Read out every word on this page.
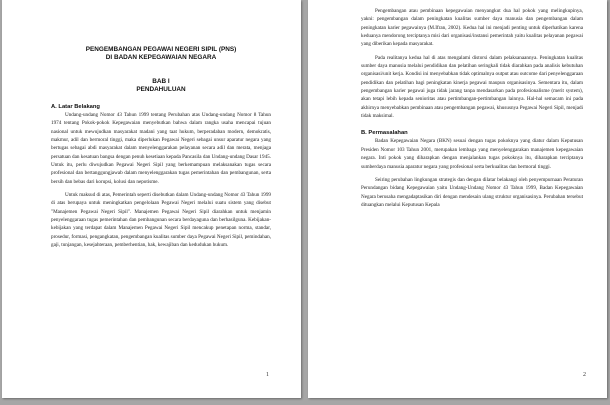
PENGEMBANGAN PEGAWAI NEGERI SIPIL (PNS)
DI BADAN KEPEGAWAIAN NEGARA
BAB I
PENDAHULUAN
A. Latar Belakang

Undang-undang Nomor 43 Tahun 1999 tentang Perubahan atas Undang-undang Nomor 8 Tahun 1974 tentang Pokok-pokok Kepegawaian menyebutkan bahwa dalam rangka usaha mencapai tujuan nasional untuk mewujudkan masyarakat madani yang taat hukum, berperadaban modern, demokratis, makmur, adil dan bermoral tinggi, maka diperlukan Pegawai Negeri sebagai unsur aparatur negara yang bertugas sebagai abdi masyarakat dalam menyelenggarakan pelayanan secara adil dan merata, menjaga persatuan dan kesatuan bangsa dengan penuh kesetiaan kepada Pancasila dan Undang-undang Dasar 1945. Untuk itu, perlu diwujudkan Pegawai Negeri Sipil yang berkemampuan melaksanakan tugas secara profesional dan bertanggungjawab dalam menyelenggarakan tugas pemerintahan dan pembangunan, serta bersih dan bebas dari korupsi, kolusi dan nepotisme.

Untuk maksud di atas, Pemerintah seperti disebutkan dalam Undang-undang Nomor 43 Tahun 1999 di atas berupaya untuk meningkatkan pengelolaan Pegawai Negeri melalui suatu sistem yang disebut "Manajemen Pegawai Negeri Sipil". Manajemen Pegawai Negeri Sipil diarahkan untuk menjamin penyelenggaraan tugas pemerintahan dan pembangunan secara berdayaguna dan berhasilguna. Kebijakan-kebijakan yang terdapat dalam Manajemen Pegawai Negeri Sipil mencakup penetapan norma, standar, prosedur, formasi, pengangkatan, pengembangan kualitas sumber daya Pegawai Negeri Sipil, pemindahan, gaji, tunjangan, kesejahteraan, pemberhentian, hak, kewajiban dan kedudukan hukum.

1

Pengembangan atau pembinaan kepegawaian menyangkut dua hal pokok yang melingkupinya, yakni: pengembangan dalam peningkatan kualitas sumber daya manusia dan pengembangan dalam peningkatan karier pegawainya (M.Ifran, 2002). Kedua hal ini menjadi penting untuk diperhatikan karena keduanya mendorong terciptanya misi dari organisasi/instansi pemerintah yaitu kualitas pelayanan pegawai yang diberikan kepada masyarakat.

Pada realitanya kedua hal di atas mengalami distorsi dalam pelaksanaannya. Peningkatan kualitas sumber daya manusia melalui pendidikan dan pelatihan seringkali tidak diarahkan pada analisis kebutuhan organisasi/unit kerja. Kondisi ini menyebabkan tidak optimalnya output atau outcome dari penyelenggaraan pendidikan dan pelatihan bagi peningkatan kinerja pegawai maupun organisasinya. Sementara itu, dalam pengembangan karier pegawai juga tidak jarang tanpa mendasarkan pada profesionalisme (merit system), akan tetapi lebih kepada senioritas atau pertimbangan-pertimbangan lainnya. Hal-hal semacam ini pada akhirnya menyebabkan pembinaan atau pengembangan pegawai, khususnya Pegawai Negeri Sipil, menjadi tidak maksimal.

B. Permasalahan

Badan Kepegawaian Negara (BKN) sesuai dengan tugas pokoknya yang diatur dalam Keputusan Presiden Nomor 103 Tahun 2001, merupakan lembaga yang menyelenggarakan manajemen kepegawaian negara. Inti pokok yang diharapkan dengan menjalankan tugas pokoknya itu, diharapkan terciptanya sumberdaya manusia aparatur negara yang profesional serta berkualitas dan bermoral tinggi.

Seiring perubahan lingkungan strategis dan dengan dilatar belakangi oleh penyempurnaan Peraturan Perundangan bidang Kepegawaian yaitu Undang-Undang Nomor 43 Tahun 1999, Badan Kepegawaian Negara berusaha mengadaptasikan diri dengan mendesain ulang struktur organisasinya. Perubahan tersebut dituangkan melalui Keputusan Kepala

2
